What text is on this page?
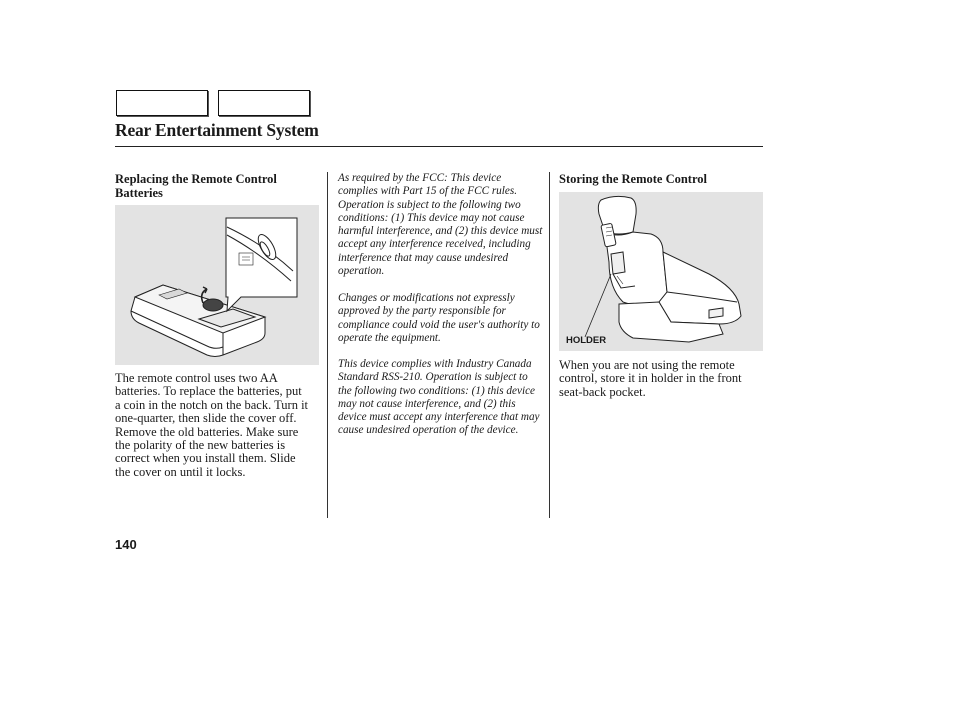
Rear Entertainment System
Replacing the Remote Control Batteries
The remote control uses two AA batteries. To replace the batteries, put a coin in the notch on the back. Turn it one-quarter, then slide the cover off. Remove the old batteries. Make sure the polarity of the new batteries is correct when you install them. Slide the cover on until it locks.

As required by the FCC: This device complies with Part 15 of the FCC rules. Operation is subject to the following two conditions: (1) This device may not cause harmful interference, and (2) this device must accept any interference received, including interference that may cause undesired operation.

Changes or modifications not expressly approved by the party responsible for compliance could void the user's authority to operate the equipment.

This device complies with Industry Canada Standard RSS-210. Operation is subject to the following two conditions: (1) this device may not cause interference, and (2) this device must accept any interference that may cause undesired operation of the device.

Storing the Remote Control
HOLDER
When you are not using the remote control, store it in holder in the front seat-back pocket.
140
